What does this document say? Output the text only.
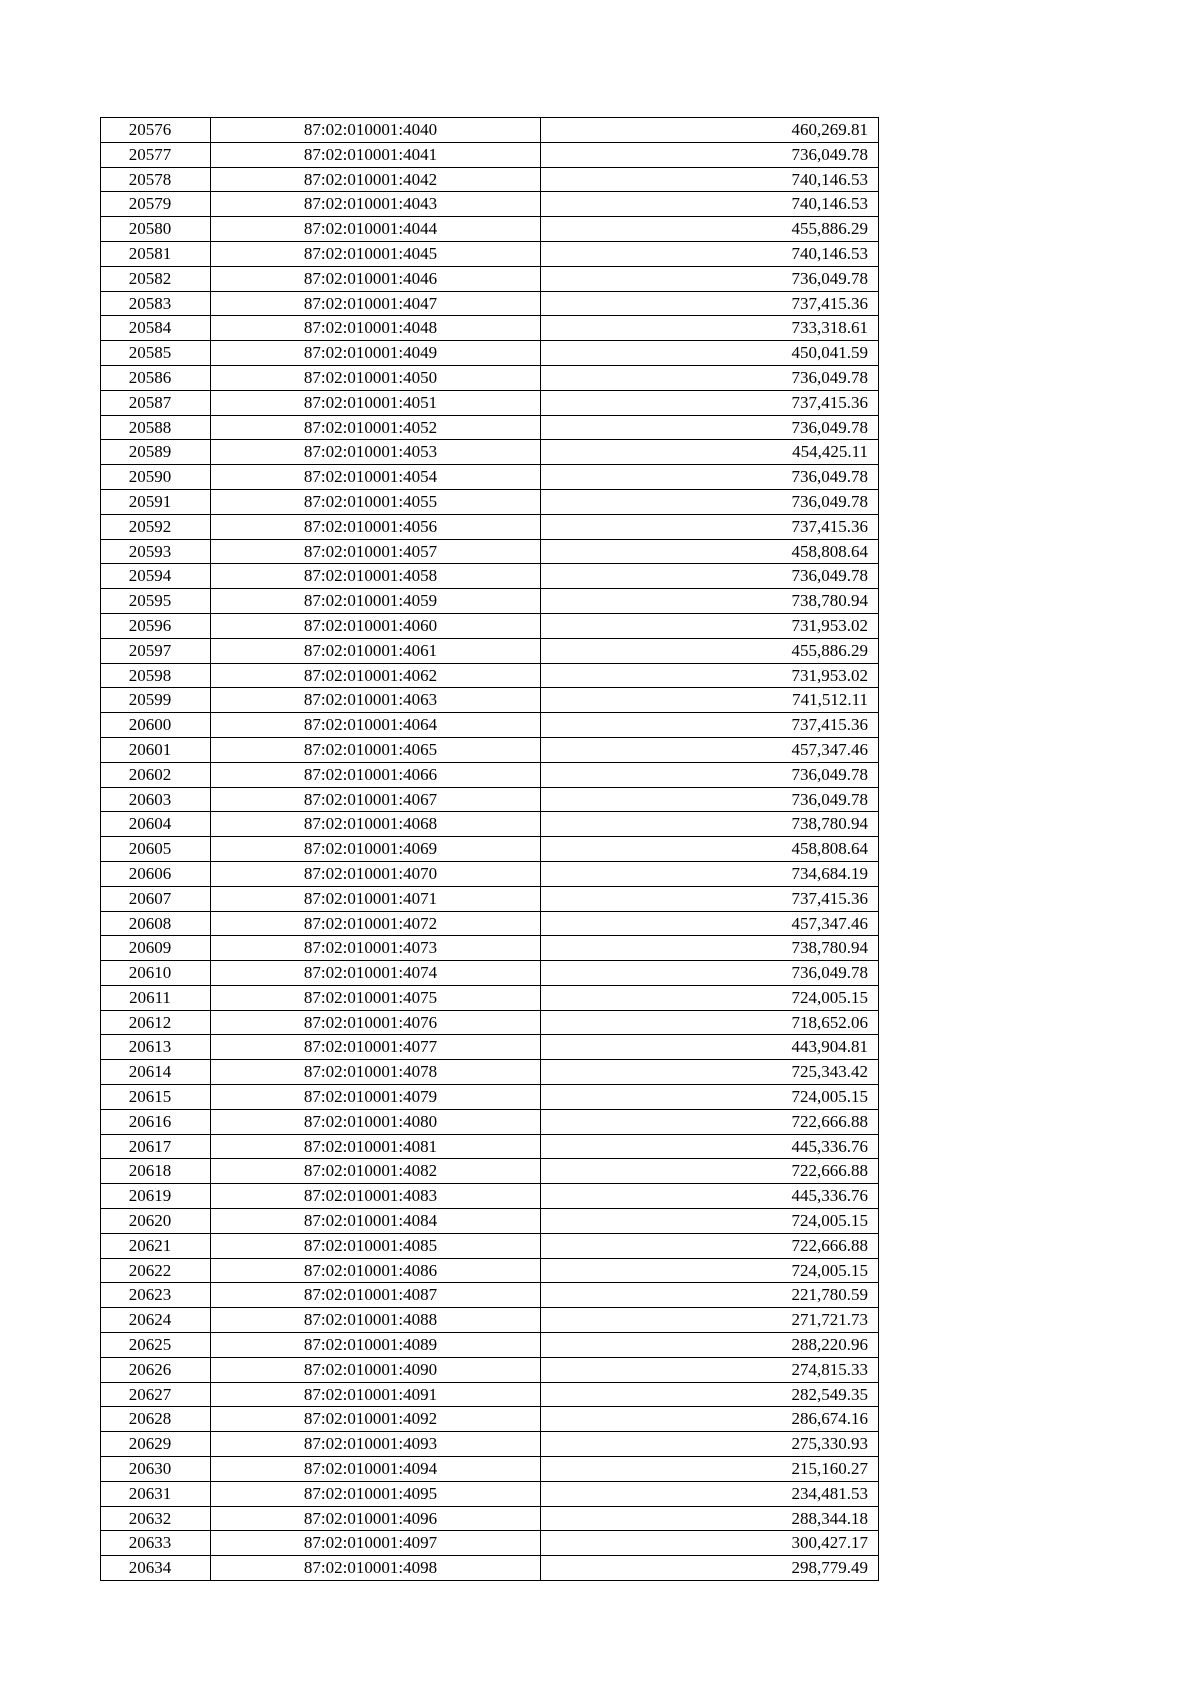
20576	87:02:010001:4040	460,269.81
20577	87:02:010001:4041	736,049.78
20578	87:02:010001:4042	740,146.53
20579	87:02:010001:4043	740,146.53
20580	87:02:010001:4044	455,886.29
20581	87:02:010001:4045	740,146.53
20582	87:02:010001:4046	736,049.78
20583	87:02:010001:4047	737,415.36
20584	87:02:010001:4048	733,318.61
20585	87:02:010001:4049	450,041.59
20586	87:02:010001:4050	736,049.78
20587	87:02:010001:4051	737,415.36
20588	87:02:010001:4052	736,049.78
20589	87:02:010001:4053	454,425.11
20590	87:02:010001:4054	736,049.78
20591	87:02:010001:4055	736,049.78
20592	87:02:010001:4056	737,415.36
20593	87:02:010001:4057	458,808.64
20594	87:02:010001:4058	736,049.78
20595	87:02:010001:4059	738,780.94
20596	87:02:010001:4060	731,953.02
20597	87:02:010001:4061	455,886.29
20598	87:02:010001:4062	731,953.02
20599	87:02:010001:4063	741,512.11
20600	87:02:010001:4064	737,415.36
20601	87:02:010001:4065	457,347.46
20602	87:02:010001:4066	736,049.78
20603	87:02:010001:4067	736,049.78
20604	87:02:010001:4068	738,780.94
20605	87:02:010001:4069	458,808.64
20606	87:02:010001:4070	734,684.19
20607	87:02:010001:4071	737,415.36
20608	87:02:010001:4072	457,347.46
20609	87:02:010001:4073	738,780.94
20610	87:02:010001:4074	736,049.78
20611	87:02:010001:4075	724,005.15
20612	87:02:010001:4076	718,652.06
20613	87:02:010001:4077	443,904.81
20614	87:02:010001:4078	725,343.42
20615	87:02:010001:4079	724,005.15
20616	87:02:010001:4080	722,666.88
20617	87:02:010001:4081	445,336.76
20618	87:02:010001:4082	722,666.88
20619	87:02:010001:4083	445,336.76
20620	87:02:010001:4084	724,005.15
20621	87:02:010001:4085	722,666.88
20622	87:02:010001:4086	724,005.15
20623	87:02:010001:4087	221,780.59
20624	87:02:010001:4088	271,721.73
20625	87:02:010001:4089	288,220.96
20626	87:02:010001:4090	274,815.33
20627	87:02:010001:4091	282,549.35
20628	87:02:010001:4092	286,674.16
20629	87:02:010001:4093	275,330.93
20630	87:02:010001:4094	215,160.27
20631	87:02:010001:4095	234,481.53
20632	87:02:010001:4096	288,344.18
20633	87:02:010001:4097	300,427.17
20634	87:02:010001:4098	298,779.49
